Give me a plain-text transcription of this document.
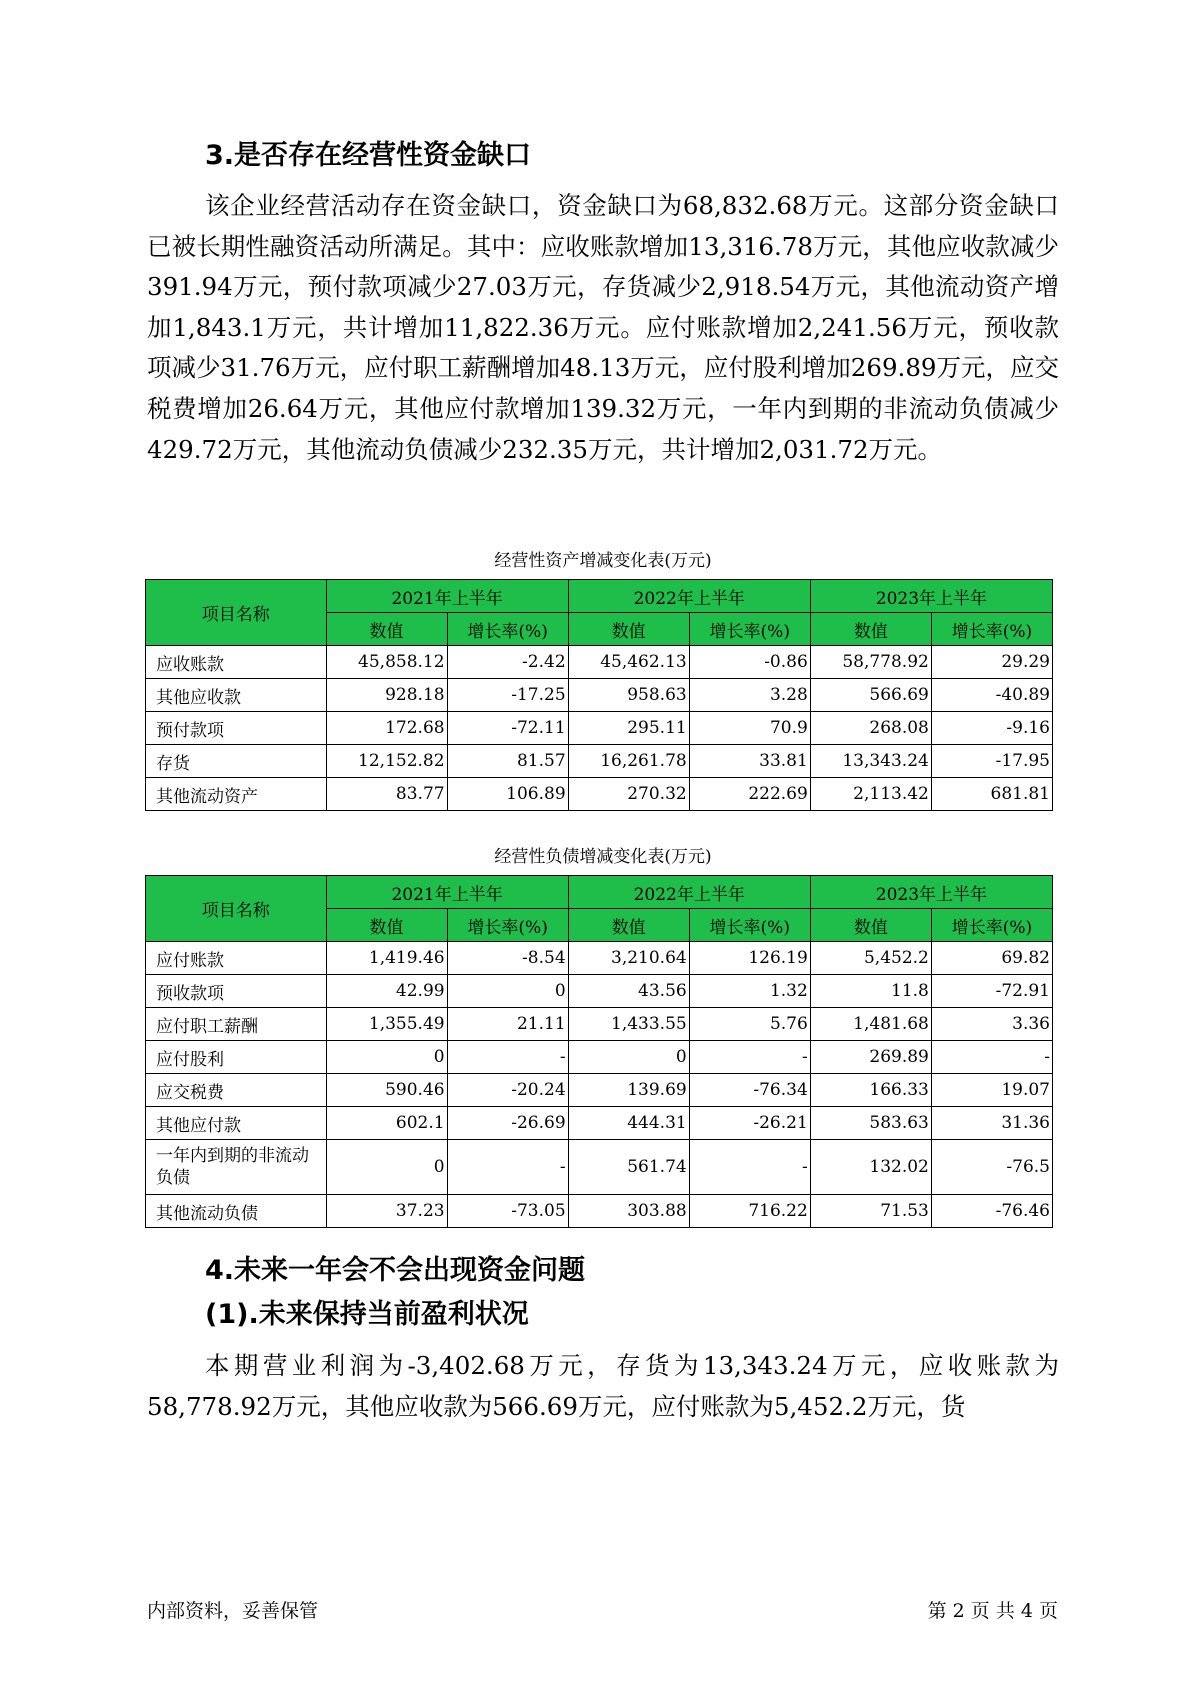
3.是否存在经营性资金缺口

该企业经营活动存在资金缺口，资金缺口为68,832.68万元。这部分资金缺口已被长期性融资活动所满足。其中：应收账款增加13,316.78万元，其他应收款减少391.94万元，预付款项减少27.03万元，存货减少2,918.54万元，其他流动资产增加1,843.1万元，共计增加11,822.36万元。应付账款增加2,241.56万元，预收款项减少31.76万元，应付职工薪酬增加48.13万元，应付股利增加269.89万元，应交税费增加26.64万元，其他应付款增加139.32万元，一年内到期的非流动负债减少429.72万元，其他流动负债减少232.35万元，共计增加2,031.72万元。

经营性资产增减变化表(万元)
项目名称	2021年上半年		2022年上半年		2023年上半年	
	数值	增长率(%)	数值	增长率(%)	数值	增长率(%)
应收账款	45,858.12	-2.42	45,462.13	-0.86	58,778.92	29.29
其他应收款	928.18	-17.25	958.63	3.28	566.69	-40.89
预付款项	172.68	-72.11	295.11	70.9	268.08	-9.16
存货	12,152.82	81.57	16,261.78	33.81	13,343.24	-17.95
其他流动资产	83.77	106.89	270.32	222.69	2,113.42	681.81
经营性负债增减变化表(万元)
项目名称	2021年上半年		2022年上半年		2023年上半年	
	数值	增长率(%)	数值	增长率(%)	数值	增长率(%)
应付账款	1,419.46	-8.54	3,210.64	126.19	5,452.2	69.82
预收款项	42.99	0	43.56	1.32	11.8	-72.91
应付职工薪酬	1,355.49	21.11	1,433.55	5.76	1,481.68	3.36
应付股利	0	-	0	-	269.89	-
应交税费	590.46	-20.24	139.69	-76.34	166.33	19.07
其他应付款	602.1	-26.69	444.31	-26.21	583.63	31.36
一年内到期的非流动负债	0	-	561.74	-	132.02	-76.5
其他流动负债	37.23	-73.05	303.88	716.22	71.53	-76.46
4.未来一年会不会出现资金问题
(1).未来保持当前盈利状况

本期营业利润为-3,402.68万元，存货为13,343.24万元，应收账款为58,778.92万元，其他应收款为566.69万元，应付账款为5,452.2万元，货

内部资料，妥善保管	第 2 页 共 4 页
